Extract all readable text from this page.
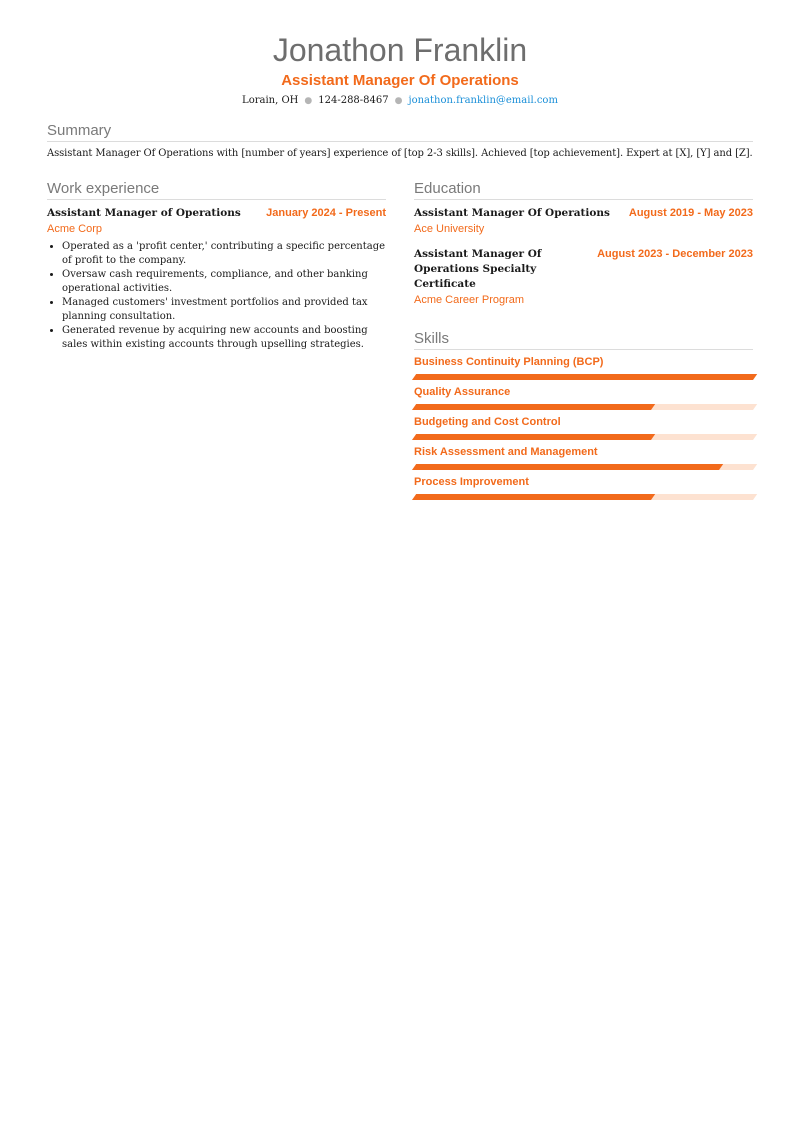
Jonathon Franklin
Assistant Manager Of Operations
Lorain, OH ● 124-288-8467 ● jonathon.franklin@email.com
Summary
Assistant Manager Of Operations with [number of years] experience of [top 2-3 skills]. Achieved [top achievement]. Expert at [X], [Y] and [Z].
Work experience
Assistant Manager of Operations January 2024 - Present
Acme Corp
• Operated as a 'profit center,' contributing a specific percentage of profit to the company.
• Oversaw cash requirements, compliance, and other banking operational activities.
• Managed customers' investment portfolios and provided tax planning consultation.
• Generated revenue by acquiring new accounts and boosting sales within existing accounts through upselling strategies.
Education
Assistant Manager Of Operations August 2019 - May 2023
Ace University
Assistant Manager Of Operations Specialty Certificate
August 2023 - December 2023
Acme Career Program
Skills
Business Continuity Planning (BCP)
Quality Assurance
Budgeting and Cost Control
Risk Assessment and Management
Process Improvement
